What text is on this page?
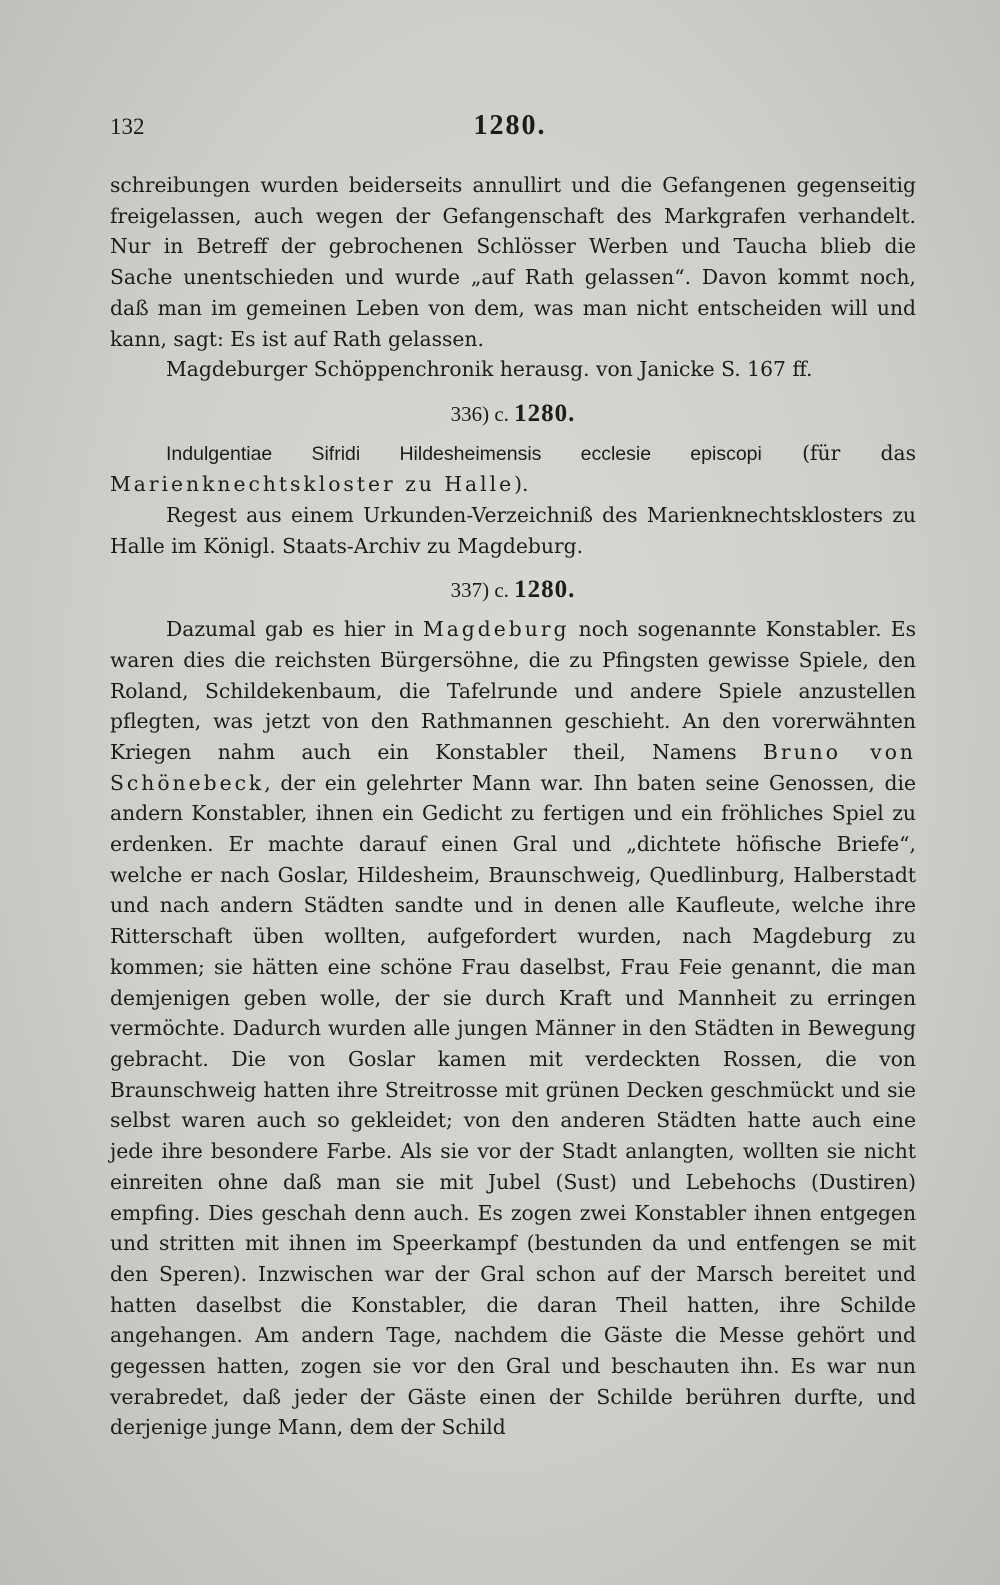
132	1280.

schreibungen wurden beiderseits annullirt und die Gefangenen gegenseitig freigelassen, auch wegen der Gefangenschaft des Markgrafen verhandelt. Nur in Betreff der gebrochenen Schlösser Werben und Taucha blieb die Sache unentschieden und wurde „auf Rath gelassen“. Davon kommt noch, daß man im gemeinen Leben von dem, was man nicht entscheiden will und kann, sagt: Es ist auf Rath gelassen.

Magdeburger Schöppenchronik herausg. von Janicke S. 167 ff.

336) c. 1280.

Indulgentiae Sifridi Hildesheimensis ecclesie episcopi (für das Marienknechtskloster zu Halle).

Regest aus einem Urkunden-Verzeichniß des Marienknechtsklosters zu Halle im Königl. Staats-Archiv zu Magdeburg.

337) c. 1280.

Dazumal gab es hier in Magdeburg noch sogenannte Konstabler. Es waren dies die reichsten Bürgersöhne, die zu Pfingsten gewisse Spiele, den Roland, Schildekenbaum, die Tafelrunde und andere Spiele anzustellen pflegten, was jetzt von den Rathmannen geschieht. An den vorerwähnten Kriegen nahm auch ein Konstabler theil, Namens Bruno von Schönebeck, der ein gelehrter Mann war. Ihn baten seine Genossen, die andern Konstabler, ihnen ein Gedicht zu fertigen und ein fröhliches Spiel zu erdenken. Er machte darauf einen Gral und „dichtete höfische Briefe“, welche er nach Goslar, Hildesheim, Braunschweig, Quedlinburg, Halberstadt und nach andern Städten sandte und in denen alle Kaufleute, welche ihre Ritterschaft üben wollten, aufgefordert wurden, nach Magdeburg zu kommen; sie hätten eine schöne Frau daselbst, Frau Feie genannt, die man demjenigen geben wolle, der sie durch Kraft und Mannheit zu erringen vermöchte. Dadurch wurden alle jungen Männer in den Städten in Bewegung gebracht. Die von Goslar kamen mit verdeckten Rossen, die von Braunschweig hatten ihre Streitrosse mit grünen Decken geschmückt und sie selbst waren auch so gekleidet; von den anderen Städten hatte auch eine jede ihre besondere Farbe. Als sie vor der Stadt anlangten, wollten sie nicht einreiten ohne daß man sie mit Jubel (Sust) und Lebehochs (Dustiren) empfing. Dies geschah denn auch. Es zogen zwei Konstabler ihnen entgegen und stritten mit ihnen im Speerkampf (bestunden da und entfengen se mit den Speren). Inzwischen war der Gral schon auf der Marsch bereitet und hatten daselbst die Konstabler, die daran Theil hatten, ihre Schilde angehangen. Am andern Tage, nachdem die Gäste die Messe gehört und gegessen hatten, zogen sie vor den Gral und beschauten ihn. Es war nun verabredet, daß jeder der Gäste einen der Schilde berühren durfte, und derjenige junge Mann, dem der Schild
